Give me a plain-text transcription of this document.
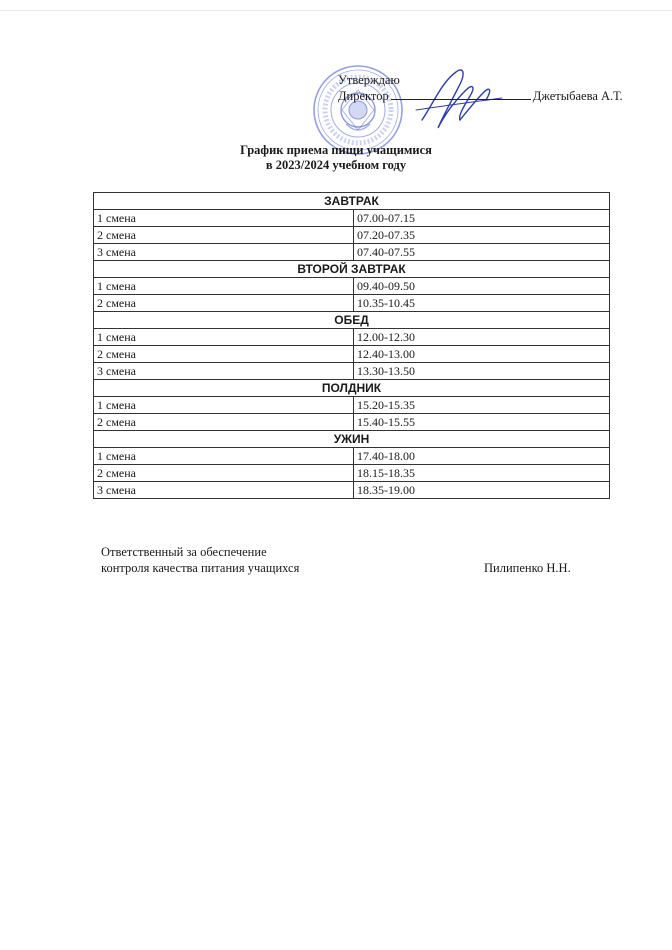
Утверждаю
Директор	Джетыбаева А.Т.
График приема пищи учащимися
в 2023/2024 учебном году
ЗАВТРАК	
1 смена	07.00-07.15
2 смена	07.20-07.35
3 смена	07.40-07.55
ВТОРОЙ ЗАВТРАК	
1 смена	09.40-09.50
2 смена	10.35-10.45
ОБЕД	
1 смена	12.00-12.30
2 смена	12.40-13.00
3 смена	13.30-13.50
ПОЛДНИК	
1 смена	15.20-15.35
2 смена	15.40-15.55
УЖИН	
1 смена	17.40-18.00
2 смена	18.15-18.35
3 смена	18.35-19.00
Ответственный за обеспечение
контроля качества питания учащихся	Пилипенко Н.Н.
